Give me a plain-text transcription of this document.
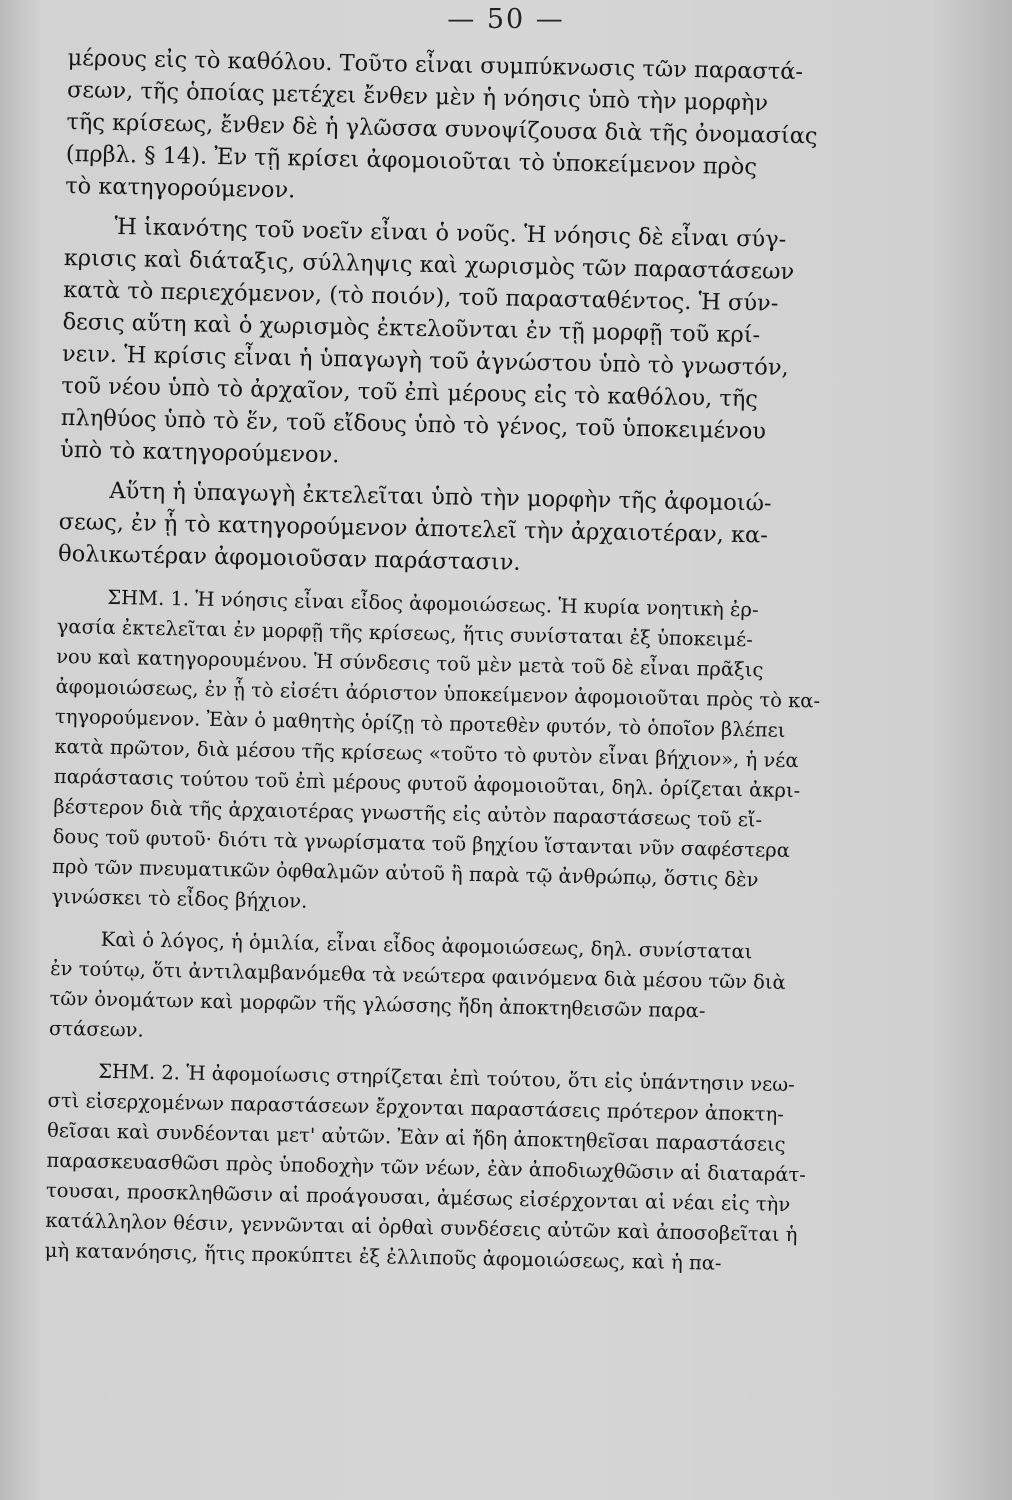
— 50 —

μέρους εἰς τὸ καθόλου. Τοῦτο εἶναι συμπύκνωσις τῶν παραστά-
σεων, τῆς ὁποίας μετέχει ἔνθεν μὲν ἡ νόησις ὑπὸ τὴν μορφὴν
τῆς κρίσεως, ἔνθεν δὲ ἡ γλῶσσα συνοψίζουσα διὰ τῆς ὀνομασίας
(πρβλ. § 14). Ἐν τῇ κρίσει ἀφομοιοῦται τὸ ὑποκείμενον πρὸς
τὸ κατηγορούμενον.

Ἡ ἱκανότης τοῦ νοεῖν εἶναι ὁ νοῦς. Ἡ νόησις δὲ εἶναι σύγ-
κρισις καὶ διάταξις, σύλληψις καὶ χωρισμὸς τῶν παραστάσεων
κατὰ τὸ περιεχόμενον, (τὸ ποιόν), τοῦ παρασταθέντος. Ἡ σύν-
δεσις αὕτη καὶ ὁ χωρισμὸς ἐκτελοῦνται ἐν τῇ μορφῇ τοῦ κρί-
νειν. Ἡ κρίσις εἶναι ἡ ὑπαγωγὴ τοῦ ἀγνώστου ὑπὸ τὸ γνωστόν,
τοῦ νέου ὑπὸ τὸ ἀρχαῖον, τοῦ ἐπὶ μέρους εἰς τὸ καθόλου, τῆς
πληθύος ὑπὸ τὸ ἕν, τοῦ εἴδους ὑπὸ τὸ γένος, τοῦ ὑποκειμένου
ὑπὸ τὸ κατηγορούμενον.

Αὕτη ἡ ὑπαγωγὴ ἐκτελεῖται ὑπὸ τὴν μορφὴν τῆς ἀφομοιώ-
σεως, ἐν ᾗ τὸ κατηγορούμενον ἀποτελεῖ τὴν ἀρχαιοτέραν, κα-
θολικωτέραν ἀφομοιοῦσαν παράστασιν.

ΣΗΜ. 1. Ἡ νόησις εἶναι εἶδος ἀφομοιώσεως. Ἡ κυρία νοητικὴ ἐρ-
γασία ἐκτελεῖται ἐν μορφῇ τῆς κρίσεως, ἥτις συνίσταται ἐξ ὑποκειμέ-
νου καὶ κατηγορουμένου. Ἡ σύνδεσις τοῦ μὲν μετὰ τοῦ δὲ εἶναι πρᾶξις
ἀφομοιώσεως, ἐν ᾗ τὸ εἰσέτι ἀόριστον ὑποκείμενον ἀφομοιοῦται πρὸς τὸ κα-
τηγορούμενον. Ἐὰν ὁ μαθητὴς ὁρίζῃ τὸ προτεθὲν φυτόν, τὸ ὁποῖον βλέπει
κατὰ πρῶτον, διὰ μέσου τῆς κρίσεως «τοῦτο τὸ φυτὸν εἶναι βήχιον», ἡ νέα
παράστασις τούτου τοῦ ἐπὶ μέρους φυτοῦ ἀφομοιοῦται, δηλ. ὁρίζεται ἀκρι-
βέστερον διὰ τῆς ἀρχαιοτέρας γνωστῆς εἰς αὐτὸν παραστάσεως τοῦ εἴ-
δους τοῦ φυτοῦ· διότι τὰ γνωρίσματα τοῦ βηχίου ἵστανται νῦν σαφέστερα
πρὸ τῶν πνευματικῶν ὀφθαλμῶν αὐτοῦ ἢ παρὰ τῷ ἀνθρώπῳ, ὅστις δὲν
γινώσκει τὸ εἶδος βήχιον.

Καὶ ὁ λόγος, ἡ ὁμιλία, εἶναι εἶδος ἀφομοιώσεως, δηλ. συνίσταται
ἐν τούτῳ, ὅτι ἀντιλαμβανόμεθα τὰ νεώτερα φαινόμενα διὰ μέσου τῶν διὰ
τῶν ὀνομάτων καὶ μορφῶν τῆς γλώσσης ἤδη ἀποκτηθεισῶν παρα-
στάσεων.

ΣΗΜ. 2. Ἡ ἀφομοίωσις στηρίζεται ἐπὶ τούτου, ὅτι εἰς ὑπάντησιν νεω-
στὶ εἰσερχομένων παραστάσεων ἔρχονται παραστάσεις πρότερον ἀποκτη-
θεῖσαι καὶ συνδέονται μετ' αὐτῶν. Ἐὰν αἱ ἤδη ἀποκτηθεῖσαι παραστάσεις
παρασκευασθῶσι πρὸς ὑποδοχὴν τῶν νέων, ἐὰν ἀποδιωχθῶσιν αἱ διαταράτ-
τουσαι, προσκληθῶσιν αἱ προάγουσαι, ἀμέσως εἰσέρχονται αἱ νέαι εἰς τὴν
κατάλληλον θέσιν, γεννῶνται αἱ ὀρθαὶ συνδέσεις αὐτῶν καὶ ἀποσοβεῖται ἡ
μὴ κατανόησις, ἥτις προκύπτει ἐξ ἐλλιποῦς ἀφομοιώσεως, καὶ ἡ πα-
